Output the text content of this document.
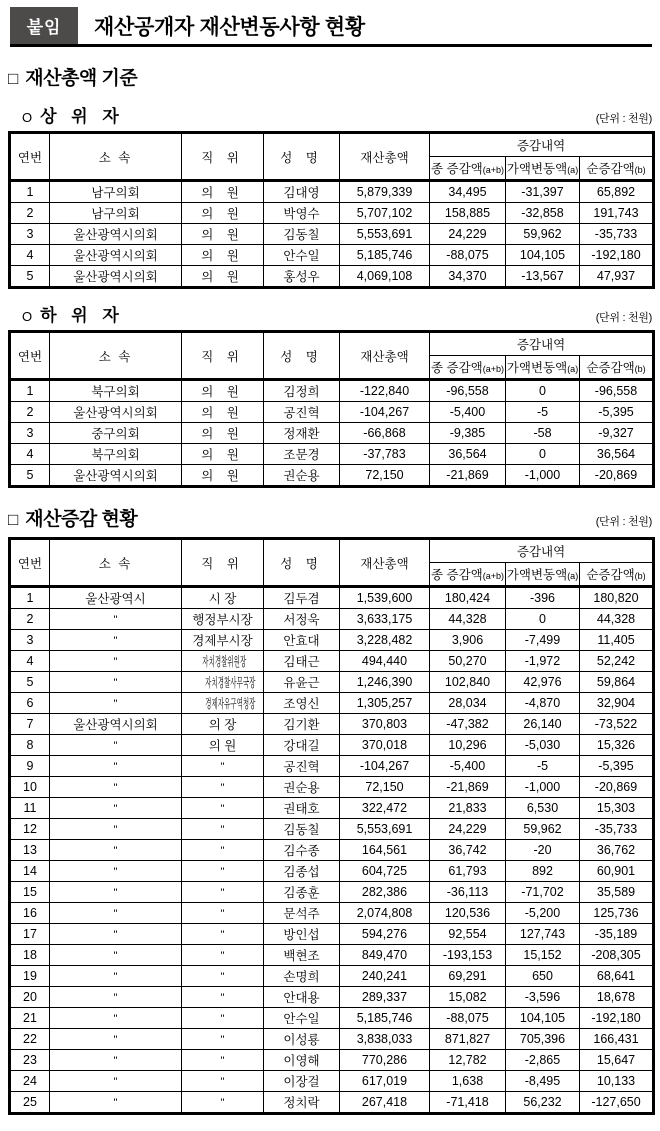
붙임	재산공개자 재산변동사항 현황
□ 재산총액 기준
O 상 위 자	(단위 : 천원)
연번	소 속	직 위	성 명	재산총액	증감내역		
					종 증감액(a+b)	가액변동액(a)	순증감액(b)
1	남구의회	의 원	김대영	5,879,339	34,495	-31,397	65,892
2	남구의회	의 원	박영수	5,707,102	158,885	-32,858	191,743
3	울산광역시의회	의 원	김동칠	5,553,691	24,229	59,962	-35,733
4	울산광역시의회	의 원	안수일	5,185,746	-88,075	104,105	-192,180
5	울산광역시의회	의 원	홍성우	4,069,108	34,370	-13,567	47,937
O 하 위 자	(단위 : 천원)
연번	소 속	직 위	성 명	재산총액	증감내역		
					종 증감액(a+b)	가액변동액(a)	순증감액(b)
1	북구의회	의 원	김정희	-122,840	-96,558	0	-96,558
2	울산광역시의회	의 원	공진혁	-104,267	-5,400	-5	-5,395
3	중구의회	의 원	정재환	-66,868	-9,385	-58	-9,327
4	북구의회	의 원	조문경	-37,783	36,564	0	36,564
5	울산광역시의회	의 원	권순용	72,150	-21,869	-1,000	-20,869
□ 재산증감 현황	(단위 : 천원)
연번	소 속	직 위	성 명	재산총액	증감내역		
					종 증감액(a+b)	가액변동액(a)	순증감액(b)
1	울산광역시	시 장	김두겸	1,539,600	180,424	-396	180,820
2	"	행정부시장	서정욱	3,633,175	44,328	0	44,328
3	"	경제부시장	안효대	3,228,482	3,906	-7,499	11,405
4	"	자치경찰위원장	김태근	494,440	50,270	-1,972	52,242
5	"	자치경찰사무국장	유윤근	1,246,390	102,840	42,976	59,864
6	"	경제자유구역청장	조영신	1,305,257	28,034	-4,870	32,904
7	울산광역시의회	의 장	김기환	370,803	-47,382	26,140	-73,522
8	"	의 원	강대길	370,018	10,296	-5,030	15,326
9	"	"	공진혁	-104,267	-5,400	-5	-5,395
10	"	"	권순용	72,150	-21,869	-1,000	-20,869
11	"	"	권태호	322,472	21,833	6,530	15,303
12	"	"	김동칠	5,553,691	24,229	59,962	-35,733
13	"	"	김수종	164,561	36,742	-20	36,762
14	"	"	김종섭	604,725	61,793	892	60,901
15	"	"	김종훈	282,386	-36,113	-71,702	35,589
16	"	"	문석주	2,074,808	120,536	-5,200	125,736
17	"	"	방인섭	594,276	92,554	127,743	-35,189
18	"	"	백현조	849,470	-193,153	15,152	-208,305
19	"	"	손명희	240,241	69,291	650	68,641
20	"	"	안대용	289,337	15,082	-3,596	18,678
21	"	"	안수일	5,185,746	-88,075	104,105	-192,180
22	"	"	이성룡	3,838,033	871,827	705,396	166,431
23	"	"	이영해	770,286	12,782	-2,865	15,647
24	"	"	이장걸	617,019	1,638	-8,495	10,133
25	"	"	정치락	267,418	-71,418	56,232	-127,650
